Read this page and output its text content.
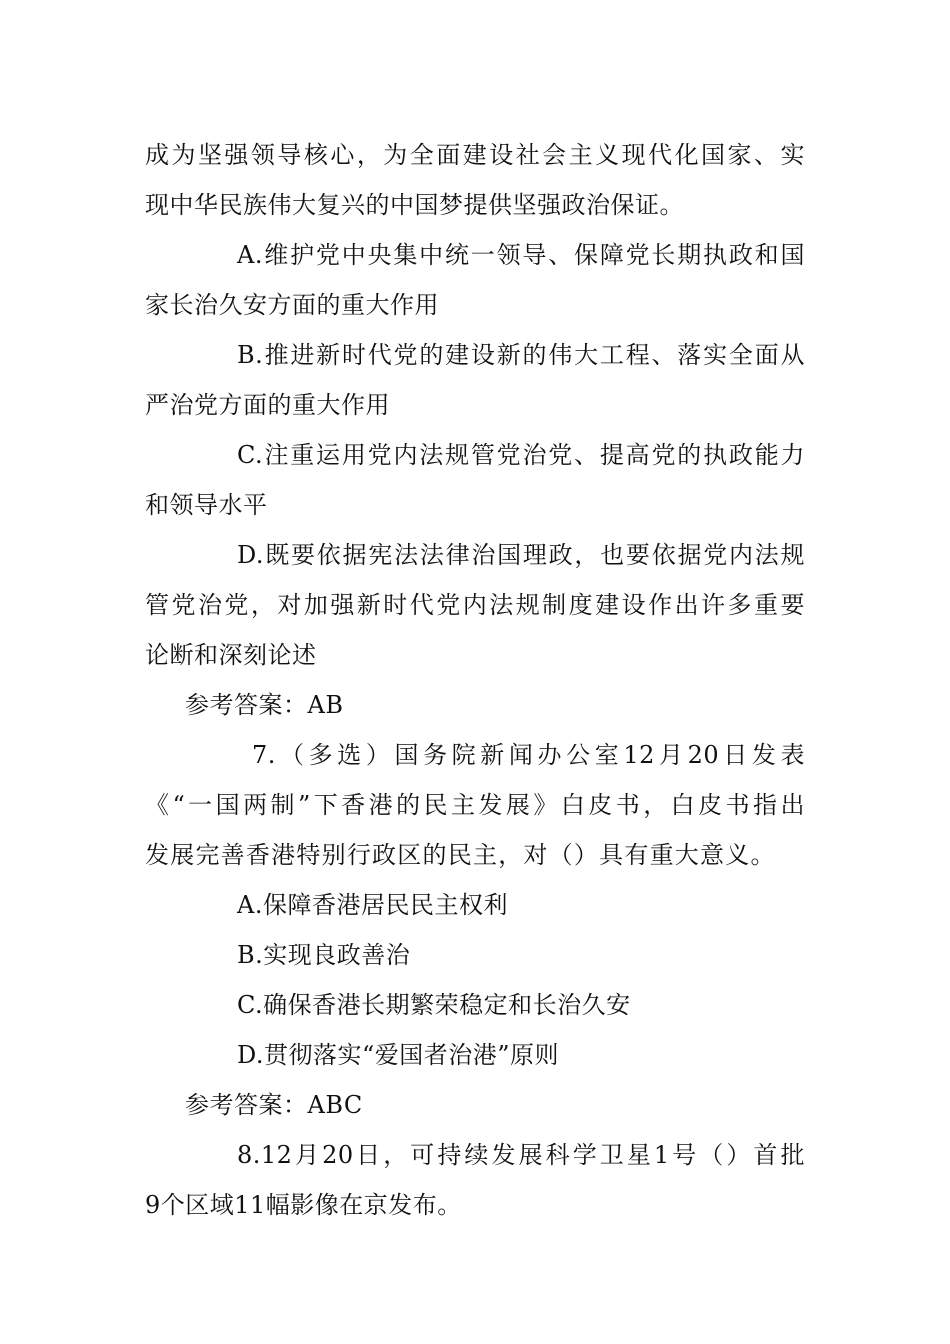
成为坚强领导核心，为全面建设社会主义现代化国家、实
现中华民族伟大复兴的中国梦提供坚强政治保证。
A.维护党中央集中统一领导、保障党长期执政和国
家长治久安方面的重大作用
B.推进新时代党的建设新的伟大工程、落实全面从
严治党方面的重大作用
C.注重运用党内法规管党治党、提高党的执政能力
和领导水平
D.既要依据宪法法律治国理政，也要依据党内法规
管党治党，对加强新时代党内法规制度建设作出许多重要
论断和深刻论述
参考答案：AB
7.（多选）国务院新闻办公室12月20日发表
《“一国两制”下香港的民主发展》白皮书，白皮书指出
发展完善香港特别行政区的民主，对（）具有重大意义。
A.保障香港居民民主权利
B.实现良政善治
C.确保香港长期繁荣稳定和长治久安
D.贯彻落实“爱国者治港”原则
参考答案：ABC
8.12月20日，可持续发展科学卫星1号（）首批
9个区域11幅影像在京发布。
